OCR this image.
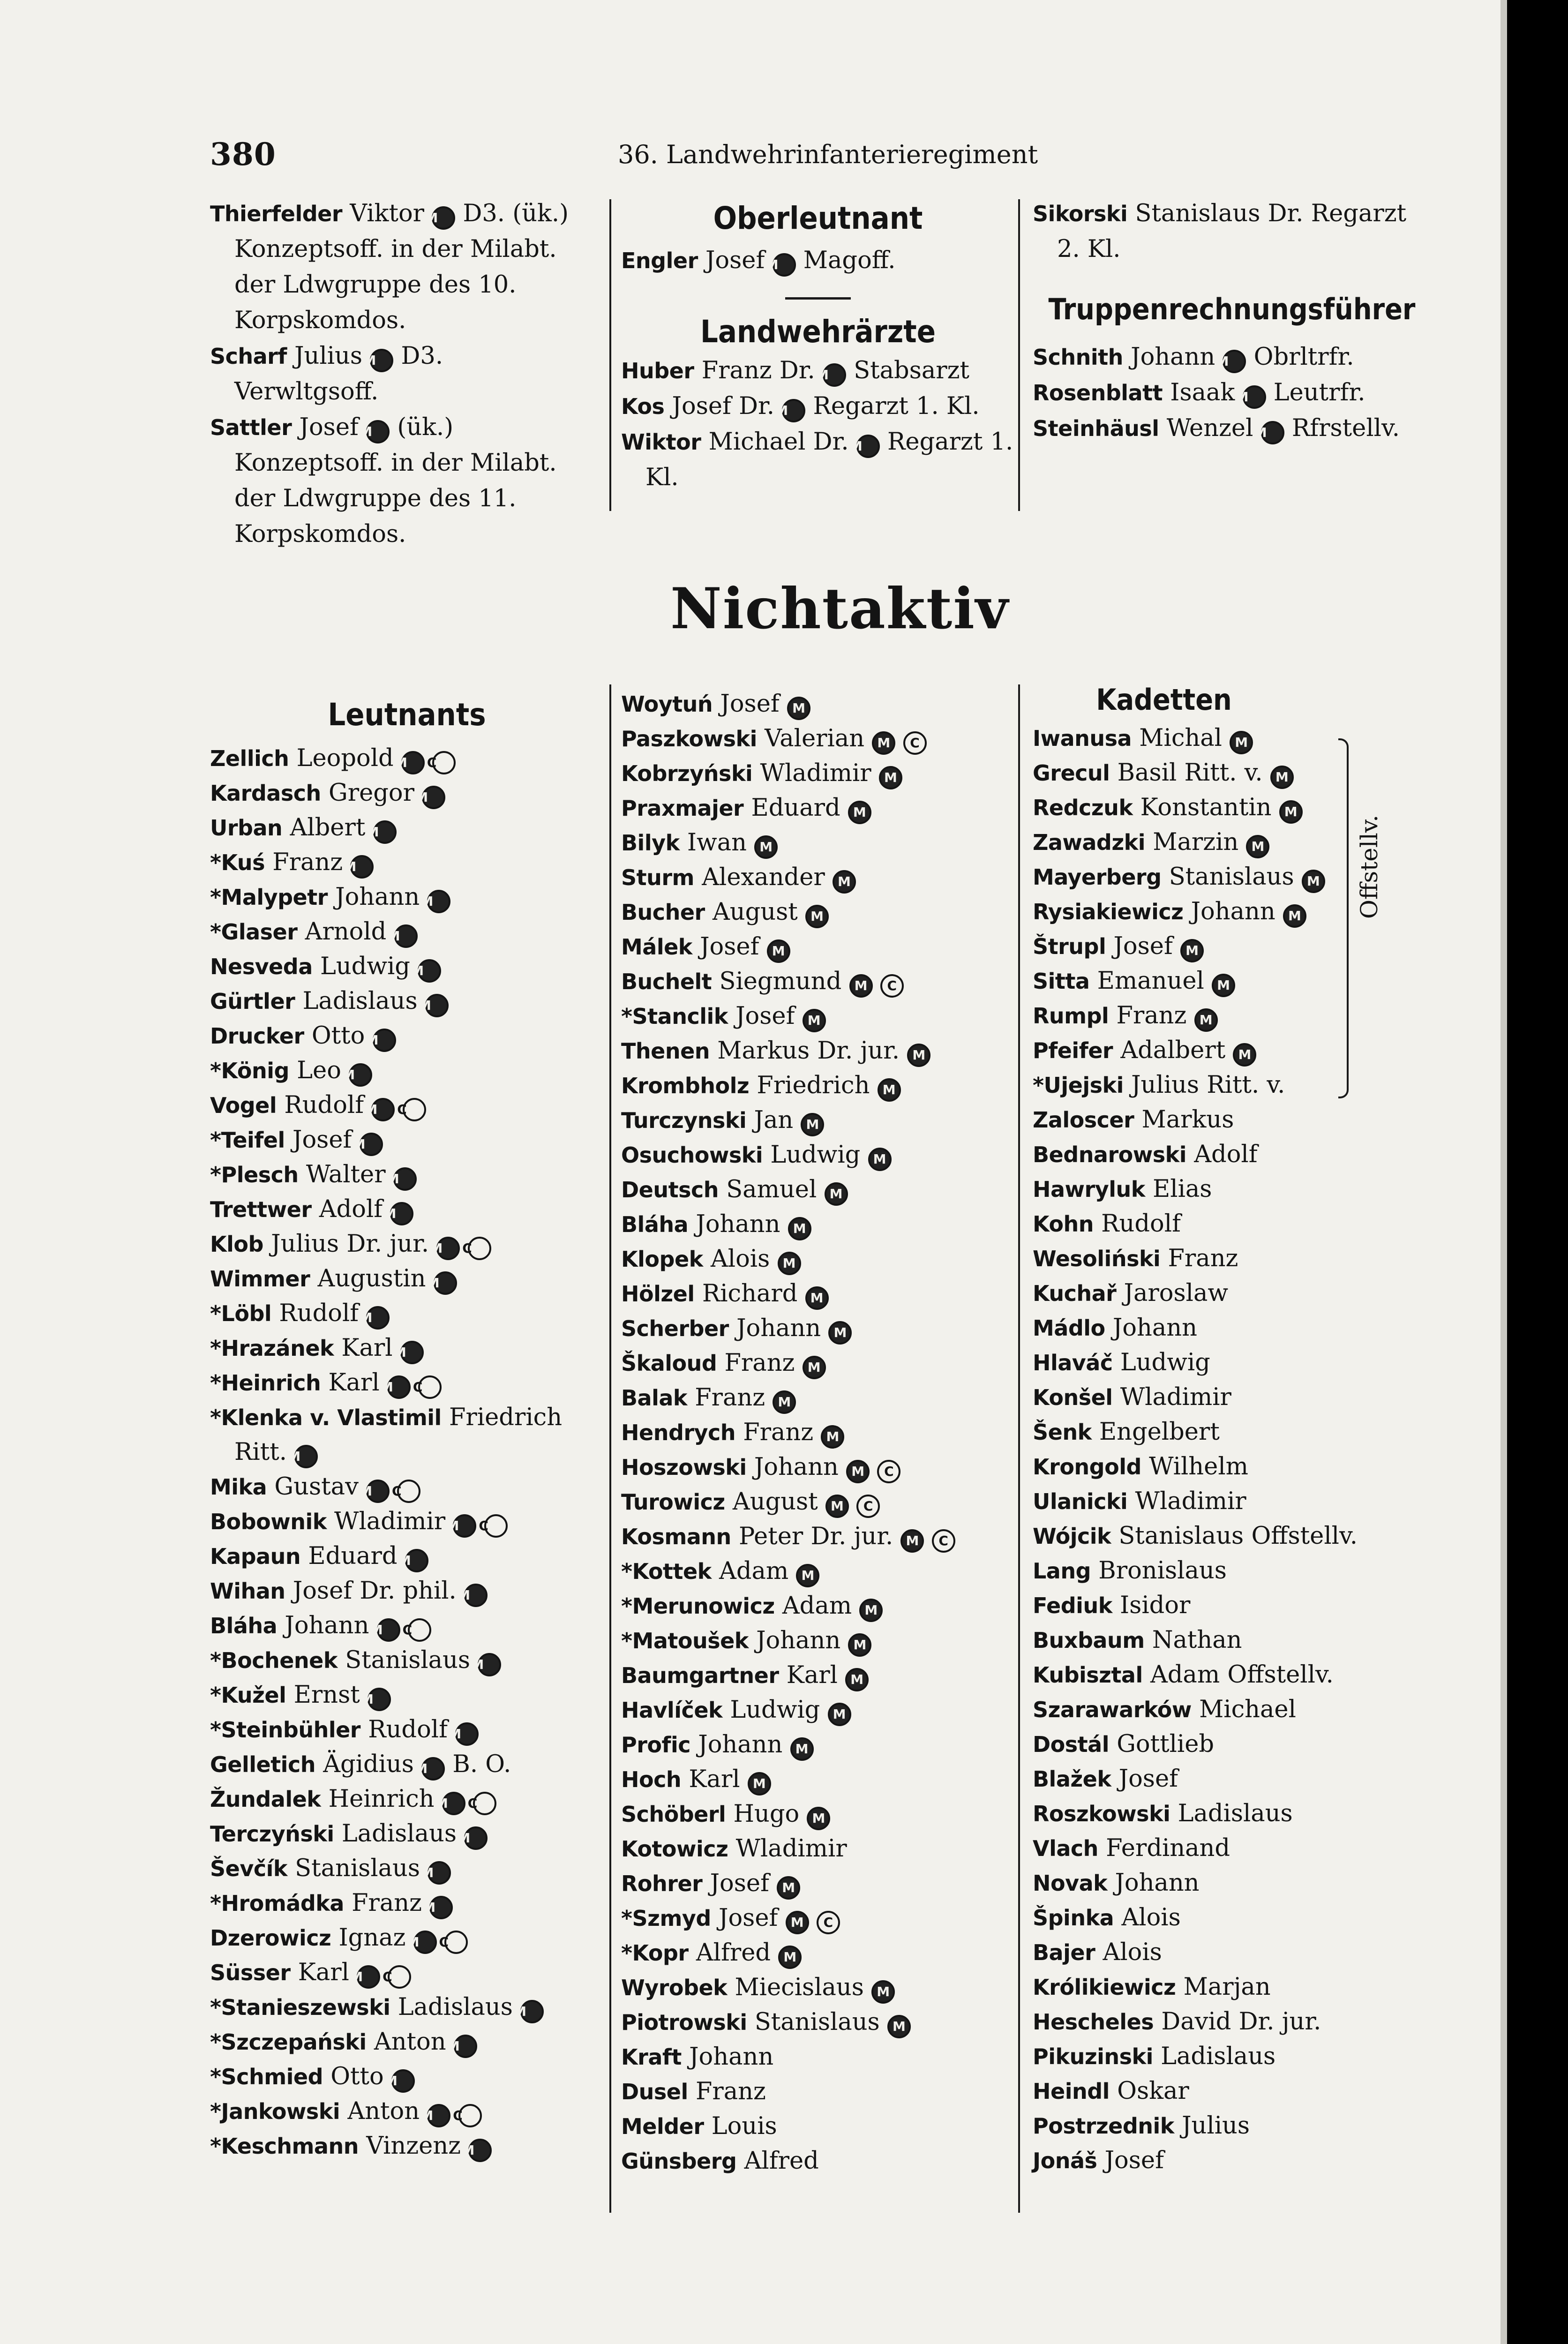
380	36. Landwehrinfanterieregiment
Thierfelder Viktor M D3. (ük.) Konzeptsoff. in der Milabt. der Ldwgruppe des 10. Korpskomdos.
Scharf Julius M D3. Verwltgsoff.
Sattler Josef M (ük.) Konzeptsoff. in der Milabt. der Ldwgruppe des 11. Korpskomdos.
Oberleutnant
Engler Josef M Magoff.
Landwehrärzte
Huber Franz Dr. M Stabsarzt
Kos Josef Dr. M Regarzt 1. Kl.
Wiktor Michael Dr. M Regarzt 1. Kl.
Sikorski Stanislaus Dr. Regarzt 2. Kl.
Truppenrechnungsführer
Schnith Johann M Obrltrfr.
Rosenblatt Isaak M Leutrfr.
Steinhäusl Wenzel M Rfrstellv.
Nichtaktiv
Leutnants
Zellich Leopold M C
Kardasch Gregor M
Urban Albert M
*Kuś Franz M
*Malypetr Johann M
*Glaser Arnold M
Nesveda Ludwig M
Gürtler Ladislaus M
Drucker Otto M
*König Leo M
Vogel Rudolf M C
*Teifel Josef M
*Plesch Walter M
Trettwer Adolf M
Klob Julius Dr. jur. M C
Wimmer Augustin M
*Löbl Rudolf M
*Hrazánek Karl M
*Heinrich Karl M C
*Klenka v. Vlastimil Friedrich Ritt. M
Mika Gustav M C
Bobownik Wladimir M C
Kapaun Eduard M
Wihan Josef Dr. phil. M
Bláha Johann M C
*Bochenek Stanislaus M
*Kužel Ernst M
*Steinbühler Rudolf M
Gelletich Ägidius M B. O.
Žundalek Heinrich M C
Terczyński Ladislaus M
Ševčík Stanislaus M
*Hromádka Franz M
Dzerowicz Ignaz M C
Süsser Karl M C
*Stanieszewski Ladislaus M
*Szczepański Anton M
*Schmied Otto M
*Jankowski Anton M C
*Keschmann Vinzenz M
Woytuń Josef M
Paszkowski Valerian M C
Kobrzyński Wladimir M
Praxmajer Eduard M
Bilyk Iwan M
Sturm Alexander M
Bucher August M
Málek Josef M
Buchelt Siegmund M C
*Stanclik Josef M
Thenen Markus Dr. jur. M
Krombholz Friedrich M
Turczynski Jan M
Osuchowski Ludwig M
Deutsch Samuel M
Bláha Johann M
Klopek Alois M
Hölzel Richard M
Scherber Johann M
Škaloud Franz M
Balak Franz M
Hendrych Franz M
Hoszowski Johann M C
Turowicz August M C
Kosmann Peter Dr. jur. M C
*Kottek Adam M
*Merunowicz Adam M
*Matoušek Johann M
Baumgartner Karl M
Havlíček Ludwig M
Profic Johann M
Hoch Karl M
Schöberl Hugo M
Kotowicz Wladimir
Rohrer Josef M
*Szmyd Josef M C
*Kopr Alfred M
Wyrobek Miecislaus M
Piotrowski Stanislaus M
Kraft Johann
Dusel Franz
Melder Louis
Günsberg Alfred
Kadetten
Iwanusa Michal M
Grecul Basil Ritt. v. M
Redczuk Konstantin M
Zawadzki Marzin M
Mayerberg Stanislaus M
Rysiakiewicz Johann M
Štrupl Josef M
Sitta Emanuel M
Rumpl Franz M
Pfeifer Adalbert M
*Ujejski Julius Ritt. v.
Zaloscer Markus
Bednarowski Adolf
Hawryluk Elias
Kohn Rudolf
Wesoliński Franz
Kuchař Jaroslaw
Mádlo Johann
Hlaváč Ludwig
Konšel Wladimir
Šenk Engelbert
Krongold Wilhelm
Ulanicki Wladimir
Wójcik Stanislaus Offstellv.
Lang Bronislaus
Fediuk Isidor
Buxbaum Nathan
Kubisztal Adam Offstellv.
Szarawarków Michael
Dostál Gottlieb
Blažek Josef
Roszkowski Ladislaus
Vlach Ferdinand
Novak Johann
Špinka Alois
Bajer Alois
Królikiewicz Marjan
Hescheles David Dr. jur.
Pikuzinski Ladislaus
Heindl Oskar
Postrzednik Julius
Jonáš Josef
Offstellv.
